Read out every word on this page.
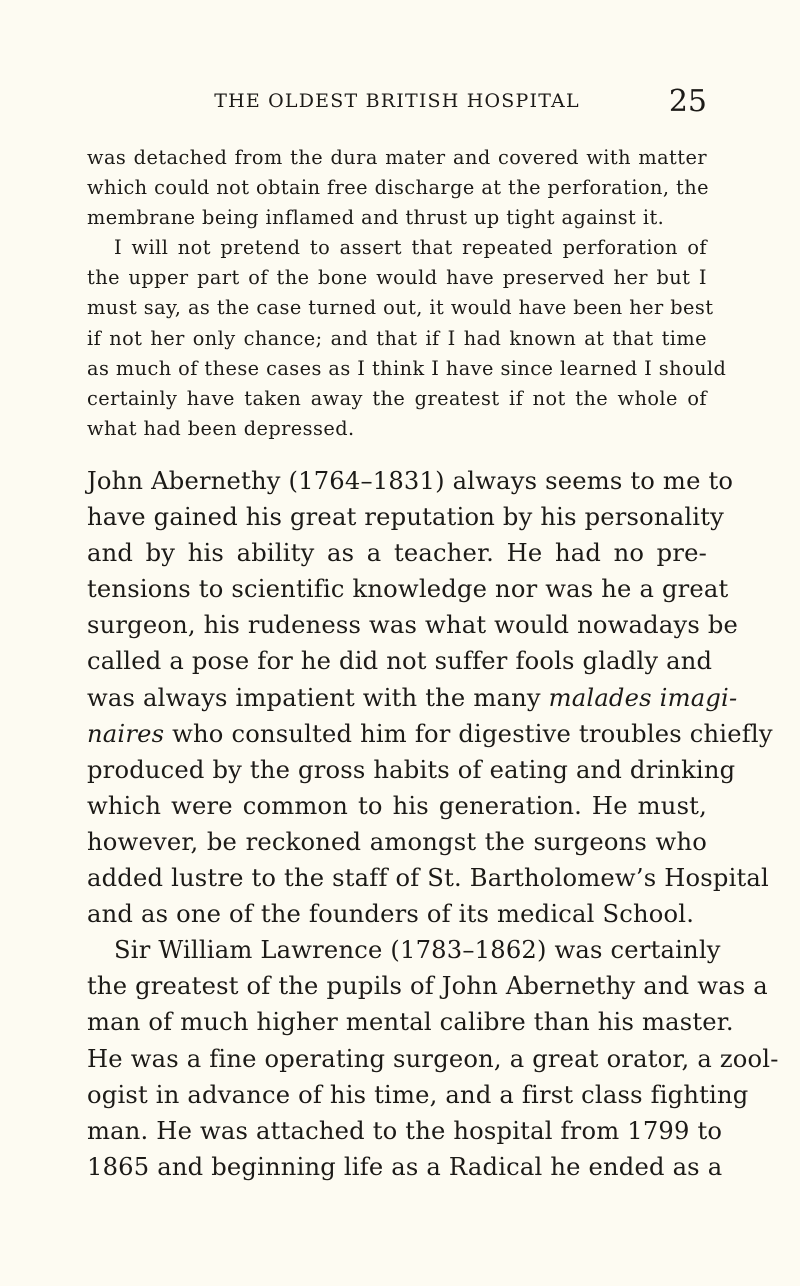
THE OLDEST BRITISH HOSPITAL	25
was detached from the dura mater and covered with matter
which could not obtain free discharge at the perforation, the
membrane being inflamed and thrust up tight against it.
I will not pretend to assert that repeated perforation of
the upper part of the bone would have preserved her but I
must say, as the case turned out, it would have been her best
if not her only chance; and that if I had known at that time
as much of these cases as I think I have since learned I should
certainly have taken away the greatest if not the whole of
what had been depressed.
John Abernethy (1764–1831) always seems to me to
have gained his great reputation by his personality
and by his ability as a teacher. He had no pre-
tensions to scientific knowledge nor was he a great
surgeon, his rudeness was what would nowadays be
called a pose for he did not suffer fools gladly and
was always impatient with the many malades imagi-
naires who consulted him for digestive troubles chiefly
produced by the gross habits of eating and drinking
which were common to his generation. He must,
however, be reckoned amongst the surgeons who
added lustre to the staff of St. Bartholomew’s Hospital
and as one of the founders of its medical School.
Sir William Lawrence (1783–1862) was certainly
the greatest of the pupils of John Abernethy and was a
man of much higher mental calibre than his master.
He was a fine operating surgeon, a great orator, a zool-
ogist in advance of his time, and a first class fighting
man. He was attached to the hospital from 1799 to
1865 and beginning life as a Radical he ended as a
